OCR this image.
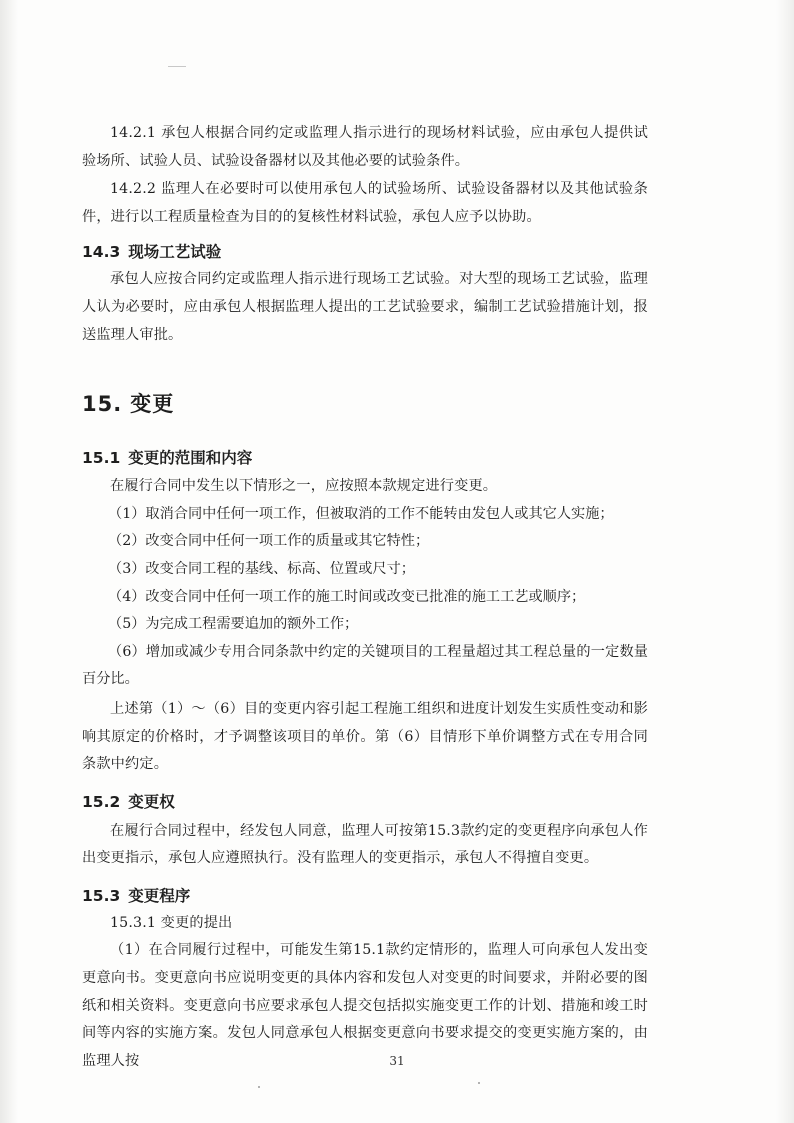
14.2.1 承包人根据合同约定或监理人指示进行的现场材料试验，应由承包人提供试验场所、试验人员、试验设备器材以及其他必要的试验条件。

14.2.2 监理人在必要时可以使用承包人的试验场所、试验设备器材以及其他试验条件，进行以工程质量检查为目的的复核性材料试验，承包人应予以协助。

14.3 现场工艺试验

承包人应按合同约定或监理人指示进行现场工艺试验。对大型的现场工艺试验，监理人认为必要时，应由承包人根据监理人提出的工艺试验要求，编制工艺试验措施计划，报送监理人审批。

15. 变更
15.1 变更的范围和内容

在履行合同中发生以下情形之一，应按照本款规定进行变更。

（1）取消合同中任何一项工作，但被取消的工作不能转由发包人或其它人实施；

（2）改变合同中任何一项工作的质量或其它特性；

（3）改变合同工程的基线、标高、位置或尺寸；

（4）改变合同中任何一项工作的施工时间或改变已批准的施工工艺或顺序；

（5）为完成工程需要追加的额外工作；

（6）增加或减少专用合同条款中约定的关键项目的工程量超过其工程总量的一定数量百分比。

上述第（1）～（6）目的变更内容引起工程施工组织和进度计划发生实质性变动和影响其原定的价格时，才予调整该项目的单价。第（6）目情形下单价调整方式在专用合同条款中约定。

15.2 变更权

在履行合同过程中，经发包人同意，监理人可按第15.3款约定的变更程序向承包人作出变更指示，承包人应遵照执行。没有监理人的变更指示，承包人不得擅自变更。

15.3 变更程序

15.3.1 变更的提出

（1）在合同履行过程中，可能发生第15.1款约定情形的，监理人可向承包人发出变更意向书。变更意向书应说明变更的具体内容和发包人对变更的时间要求，并附必要的图纸和相关资料。变更意向书应要求承包人提交包括拟实施变更工作的计划、措施和竣工时间等内容的实施方案。发包人同意承包人根据变更意向书要求提交的变更实施方案的，由监理人按	31
